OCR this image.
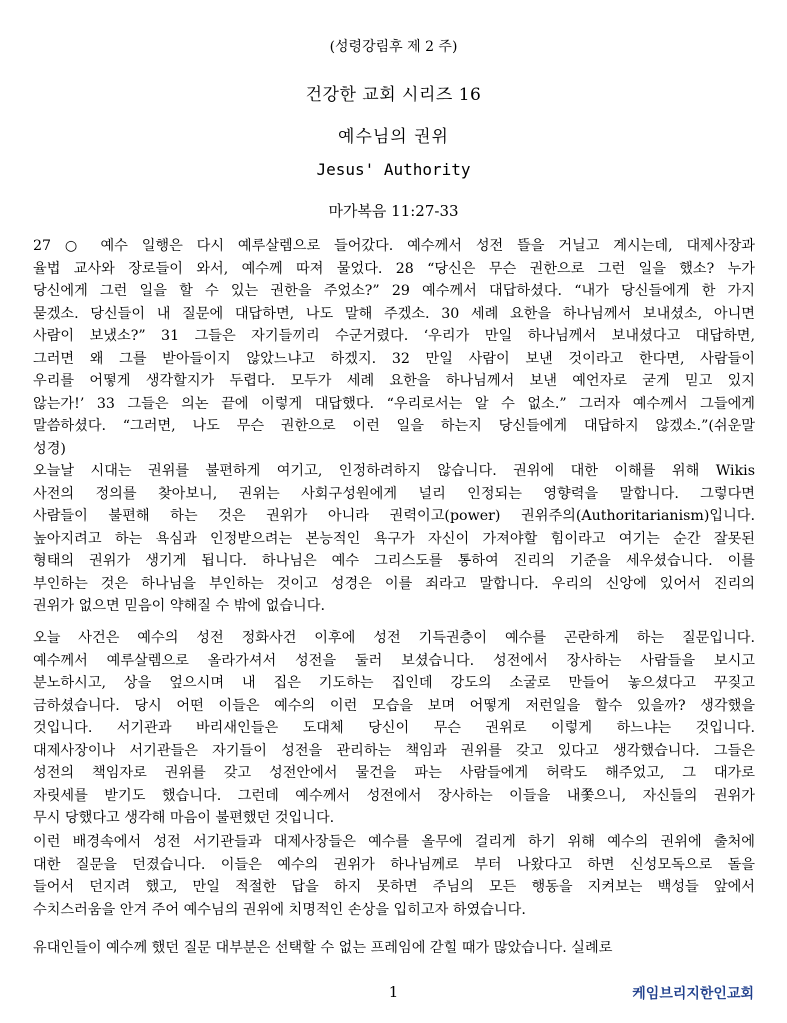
(성령강림후 제 2 주)
건강한 교회 시리즈 16
예수님의 권위
Jesus' Authority
마가복음 11:27-33
27 ○ 예수 일행은 다시 예루살렘으로 들어갔다. 예수께서 성전 뜰을 거닐고 계시는데, 대제사장과
율법 교사와 장로들이 와서, 예수께 따져 물었다. 28 “당신은 무슨 권한으로 그런 일을 했소? 누가
당신에게 그런 일을 할 수 있는 권한을 주었소?” 29 예수께서 대답하셨다. “내가 당신들에게 한 가지
묻겠소. 당신들이 내 질문에 대답하면, 나도 말해 주겠소. 30 세례 요한을 하나님께서 보내셨소, 아니면
사람이 보냈소?” 31 그들은 자기들끼리 수군거렸다. ‘우리가 만일 하나님께서 보내셨다고 대답하면,
그러면 왜 그를 받아들이지 않았느냐고 하겠지. 32 만일 사람이 보낸 것이라고 한다면, 사람들이
우리를 어떻게 생각할지가 두렵다. 모두가 세례 요한을 하나님께서 보낸 예언자로 굳게 믿고 있지
않는가!’ 33 그들은 의논 끝에 이렇게 대답했다. “우리로서는 알 수 없소.” 그러자 예수께서 그들에게
말씀하셨다. “그러면, 나도 무슨 권한으로 이런 일을 하는지 당신들에게 대답하지 않겠소.”(쉬운말
성경)
오늘날 시대는 권위를 불편하게 여기고, 인정하려하지 않습니다. 권위에 대한 이해를 위해 Wikis
사전의 정의를 찾아보니, 권위는 사회구성원에게 널리 인정되는 영향력을 말합니다. 그렇다면
사람들이 불편해 하는 것은 권위가 아니라 권력이고(power) 권위주의(Authoritarianism)입니다.
높아지려고 하는 욕심과 인정받으려는 본능적인 욕구가 자신이 가져야할 힘이라고 여기는 순간 잘못된
형태의 권위가 생기게 됩니다. 하나님은 예수 그리스도를 통하여 진리의 기준을 세우셨습니다. 이를
부인하는 것은 하나님을 부인하는 것이고 성경은 이를 죄라고 말합니다. 우리의 신앙에 있어서 진리의
권위가 없으면 믿음이 약해질 수 밖에 없습니다.
오늘 사건은 예수의 성전 정화사건 이후에 성전 기득권층이 예수를 곤란하게 하는 질문입니다.
예수께서 예루살렘으로 올라가셔서 성전을 둘러 보셨습니다. 성전에서 장사하는 사람들을 보시고
분노하시고, 상을 엎으시며 내 집은 기도하는 집인데 강도의 소굴로 만들어 놓으셨다고 꾸짖고
금하셨습니다. 당시 어떤 이들은 예수의 이런 모습을 보며 어떻게 저런일을 할수 있을까? 생각했을
것입니다. 서기관과 바리새인들은 도대체 당신이 무슨 권위로 이렇게 하느냐는 것입니다.
대제사장이나 서기관들은 자기들이 성전을 관리하는 책임과 권위를 갖고 있다고 생각했습니다. 그들은
성전의 책임자로 권위를 갖고 성전안에서 물건을 파는 사람들에게 허락도 해주었고, 그 대가로
자릿세를 받기도 했습니다. 그런데 예수께서 성전에서 장사하는 이들을 내쫓으니, 자신들의 권위가
무시 당했다고 생각해 마음이 불편했던 것입니다.
이런 배경속에서 성전 서기관들과 대제사장들은 예수를 올무에 걸리게 하기 위해 예수의 권위에 출처에
대한 질문을 던졌습니다. 이들은 예수의 권위가 하나님께로 부터 나왔다고 하면 신성모독으로 돌을
들어서 던지려 했고, 만일 적절한 답을 하지 못하면 주님의 모든 행동을 지켜보는 백성들 앞에서
수치스러움을 안겨 주어 예수님의 권위에 치명적인 손상을 입히고자 하였습니다.
유대인들이 예수께 했던 질문 대부분은 선택할 수 없는 프레임에 갇힐 때가 많았습니다. 실례로
1	케임브리지한인교회
